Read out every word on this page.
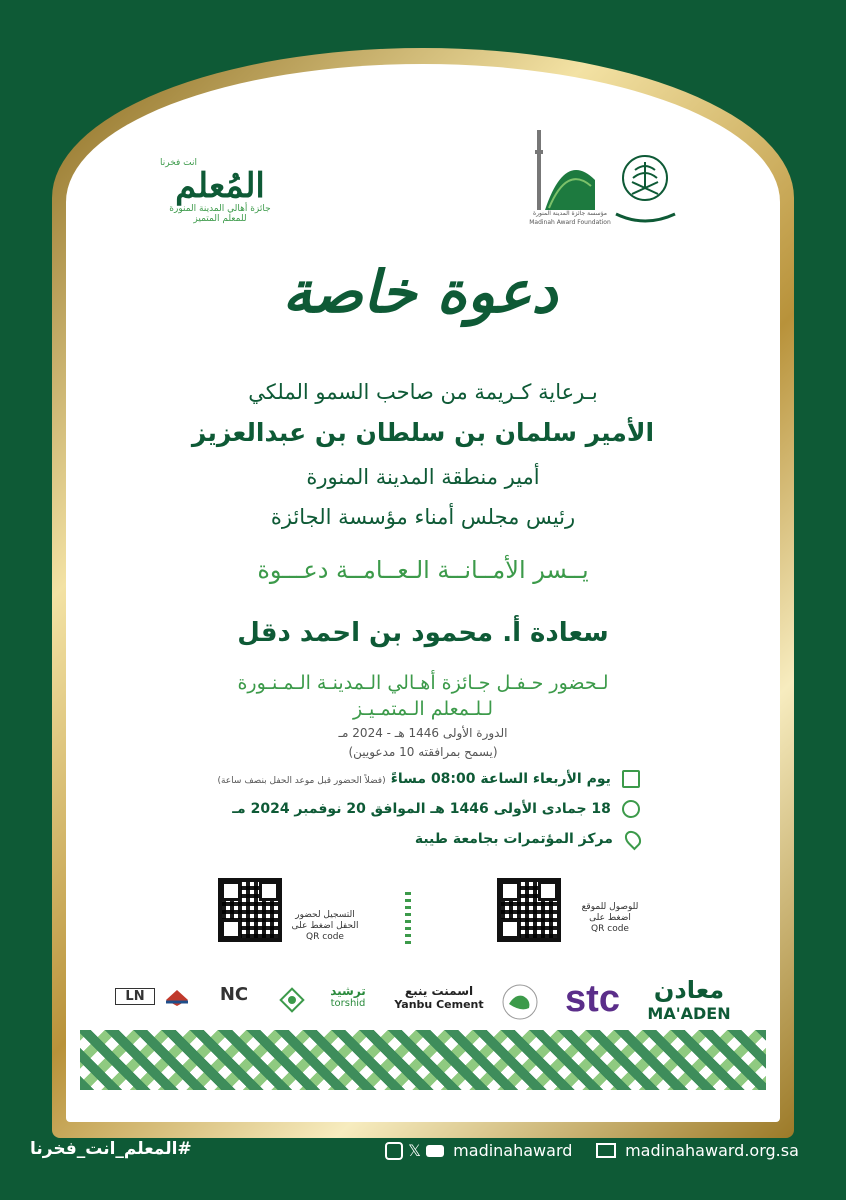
انت فخرنا
المُعلم
جائزة أهالي المدينة المنورة
للمعلم المتميز
مؤسسة جائزة المدينة المنورة
Madinah Award Foundation
دعوة خاصة
بـرعاية كـريمة من صاحب السمو الملكي
الأمير سلمان بن سلطان بن عبدالعزيز
أمير منطقة المدينة المنورة
رئيس مجلس أمناء مؤسسة الجائزة
يــسر الأمــانــة الـعــامــة دعـــوة
سعادة أ. محمود بن احمد دقل
لـحضور حـفـل جـائزة أهـالي الـمدينـة الـمـنـورة
لـلـمعلم الـمتمـيـز
الدورة الأولى 1446 هـ - 2024 مـ
(يسمح بمرافقته 10 مدعويين)
يوم الأربعاء الساعة 08:00 مساءً (فضلاً الحضور قبل موعد الحفل بنصف ساعة)
18 جمادى الأولى 1446 هـ الموافق 20 نوفمبر 2024 مـ
مركز المؤتمرات بجامعة طيبة
للوصول للموقع
اضغط على
QR code
التسجيل لحضور
الحفل اضغط على
QR code
معادن
MA'ADEN
stc
اسمنت ينبع
Yanbu Cement
ترشيد
torshid
NC
LN
#المعلم_انت_فخرنا	𝕏 madinahaward	madinahaward.org.sa
